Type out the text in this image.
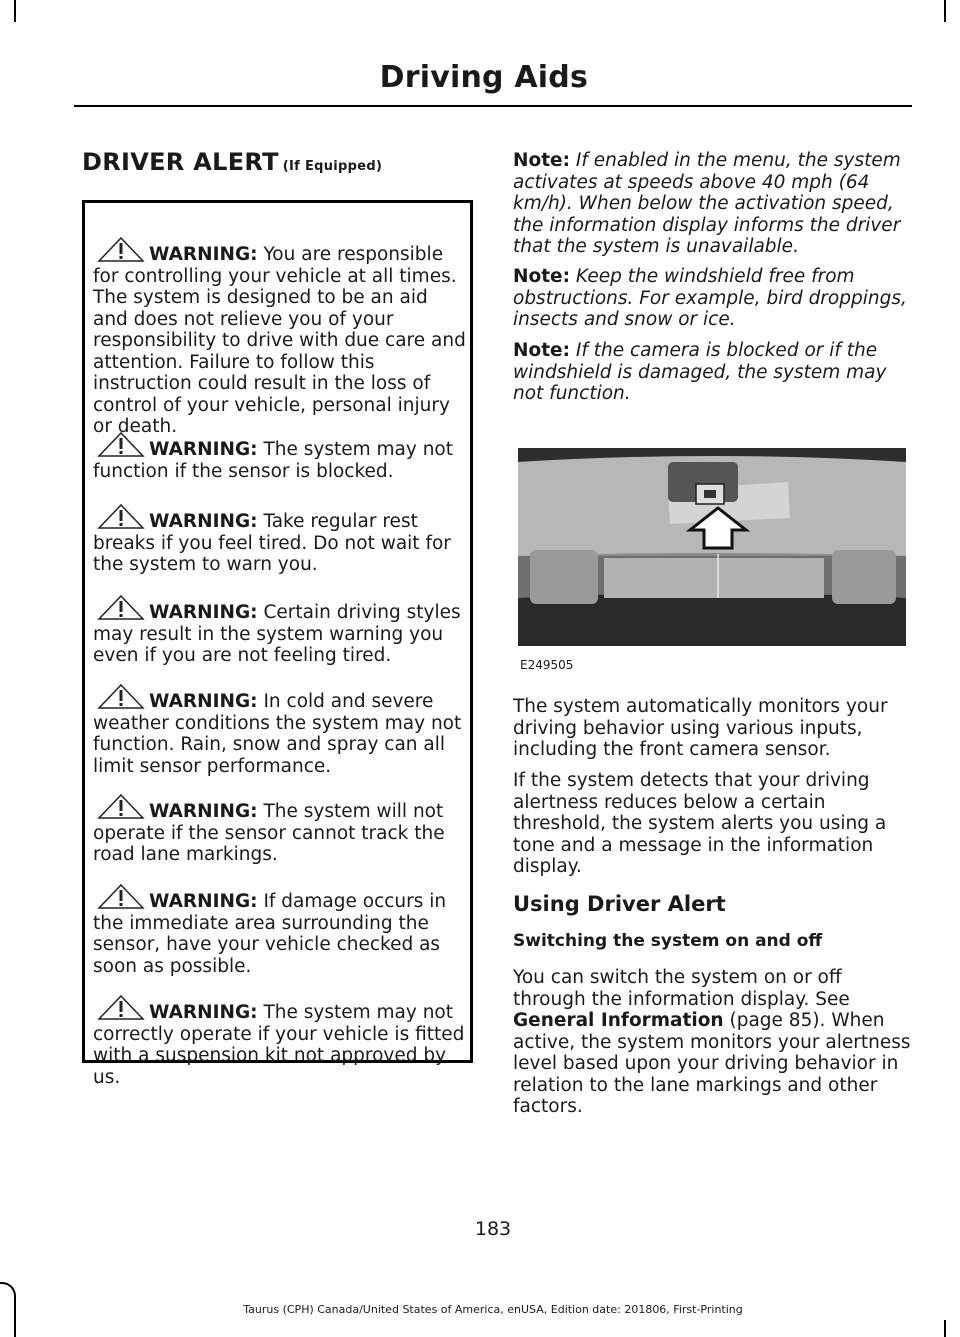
Driving Aids
DRIVER ALERT (If Equipped)
WARNING: You are responsible for controlling your vehicle at all times. The system is designed to be an aid and does not relieve you of your responsibility to drive with due care and attention. Failure to follow this instruction could result in the loss of control of your vehicle, personal injury or death.
WARNING: The system may not function if the sensor is blocked.
WARNING: Take regular rest breaks if you feel tired. Do not wait for the system to warn you.
WARNING: Certain driving styles may result in the system warning you even if you are not feeling tired.
WARNING: In cold and severe weather conditions the system may not function. Rain, snow and spray can all limit sensor performance.
WARNING: The system will not operate if the sensor cannot track the road lane markings.
WARNING: If damage occurs in the immediate area surrounding the sensor, have your vehicle checked as soon as possible.
WARNING: The system may not correctly operate if your vehicle is fitted with a suspension kit not approved by us.
Note: If enabled in the menu, the system activates at speeds above 40 mph (64 km/h). When below the activation speed, the information display informs the driver that the system is unavailable.
Note: Keep the windshield free from obstructions. For example, bird droppings, insects and snow or ice.
Note: If the camera is blocked or if the windshield is damaged, the system may not function.
E249505
The system automatically monitors your driving behavior using various inputs, including the front camera sensor.
If the system detects that your driving alertness reduces below a certain threshold, the system alerts you using a tone and a message in the information display.
Using Driver Alert
Switching the system on and off
You can switch the system on or off through the information display. See General Information (page 85). When active, the system monitors your alertness level based upon your driving behavior in relation to the lane markings and other factors.
183
Taurus (CPH) Canada/United States of America, enUSA, Edition date: 201806, First-Printing
